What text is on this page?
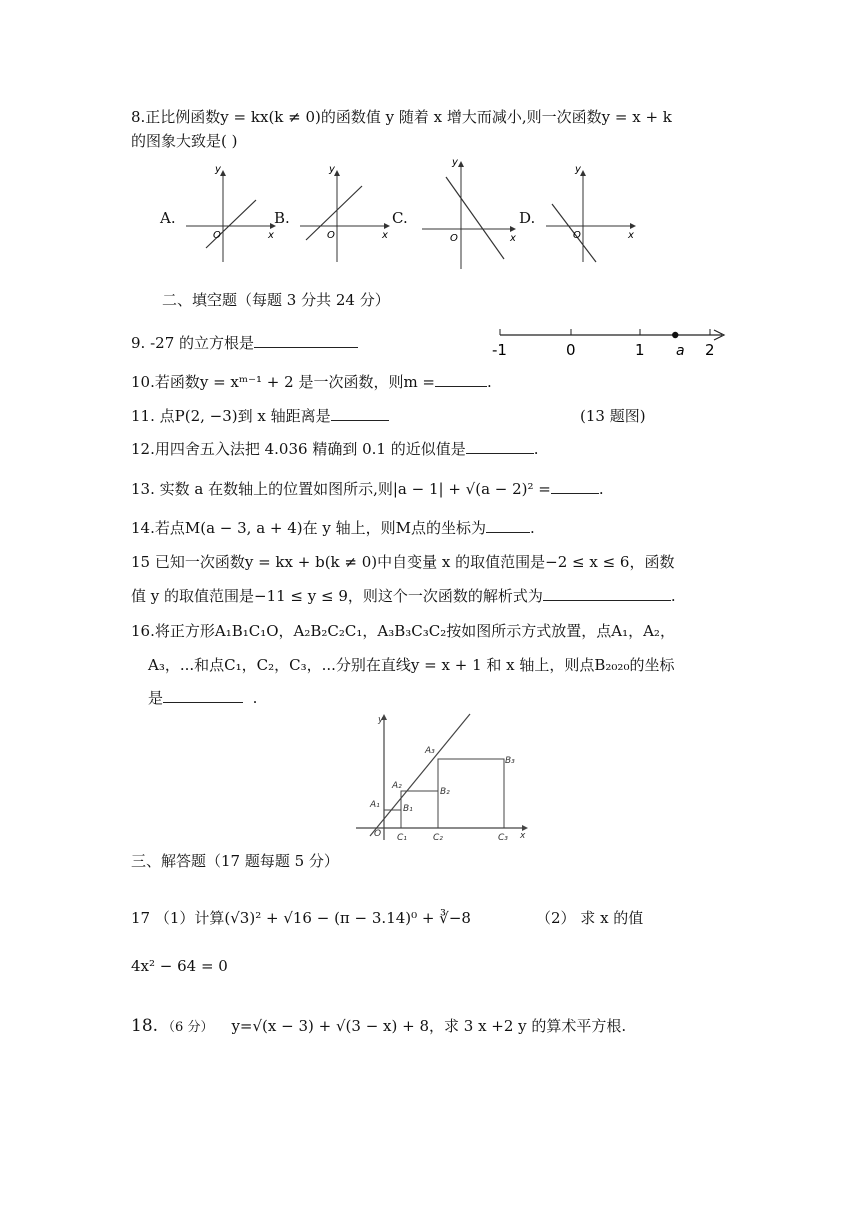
8.正比例函数y = kx(k ≠ 0)的函数值 y 随着 x 增大而减小,则一次函数y = x + k
的图象大致是( )
A.
y
x
O
B.
y
x
O
C.
y
x
O
D.
y
x
O
二、填空题（每题 3 分共 24 分）
9. -27 的立方根是	-1	0	1	2
a
10.若函数y = xᵐ⁻¹ + 2 是一次函数，则m =	.
11. 点P(2, −3)到 x 轴距离是	(13 题图)
12.用四舍五入法把 4.036 精确到 0.1 的近似值是	.
13. 实数 a 在数轴上的位置如图所示,则|a − 1| + √(a − 2)² =	.
14.若点M(a − 3, a + 4)在 y 轴上，则M点的坐标为	.
15 已知一次函数y = kx + b(k ≠ 0)中自变量 x 的取值范围是−2 ≤ x ≤ 6，函数
值 y 的取值范围是−11 ≤ y ≤ 9，则这个一次函数的解析式为	.
16.将正方形A₁B₁C₁O，A₂B₂C₂C₁，A₃B₃C₃C₂按如图所示方式放置，点A₁，A₂，
A₃，...和点C₁，C₂，C₃，...分别在直线y = x + 1 和 x 轴上，则点B₂₀₂₀的坐标
是	.
y
x
O
A₁
A₂
A₃
B₁
B₂
B₃
C₁	C₂	C₃
三、解答题（17 题每题 5 分）
17 （1）计算(√3)² + √16 − (π − 3.14)⁰ + ∛−8	（2） 求 x 的值
4x² − 64 = 0
18. （6 分） y=√(x − 3) + √(3 − x) + 8，求 3 x +2 y 的算术平方根.
